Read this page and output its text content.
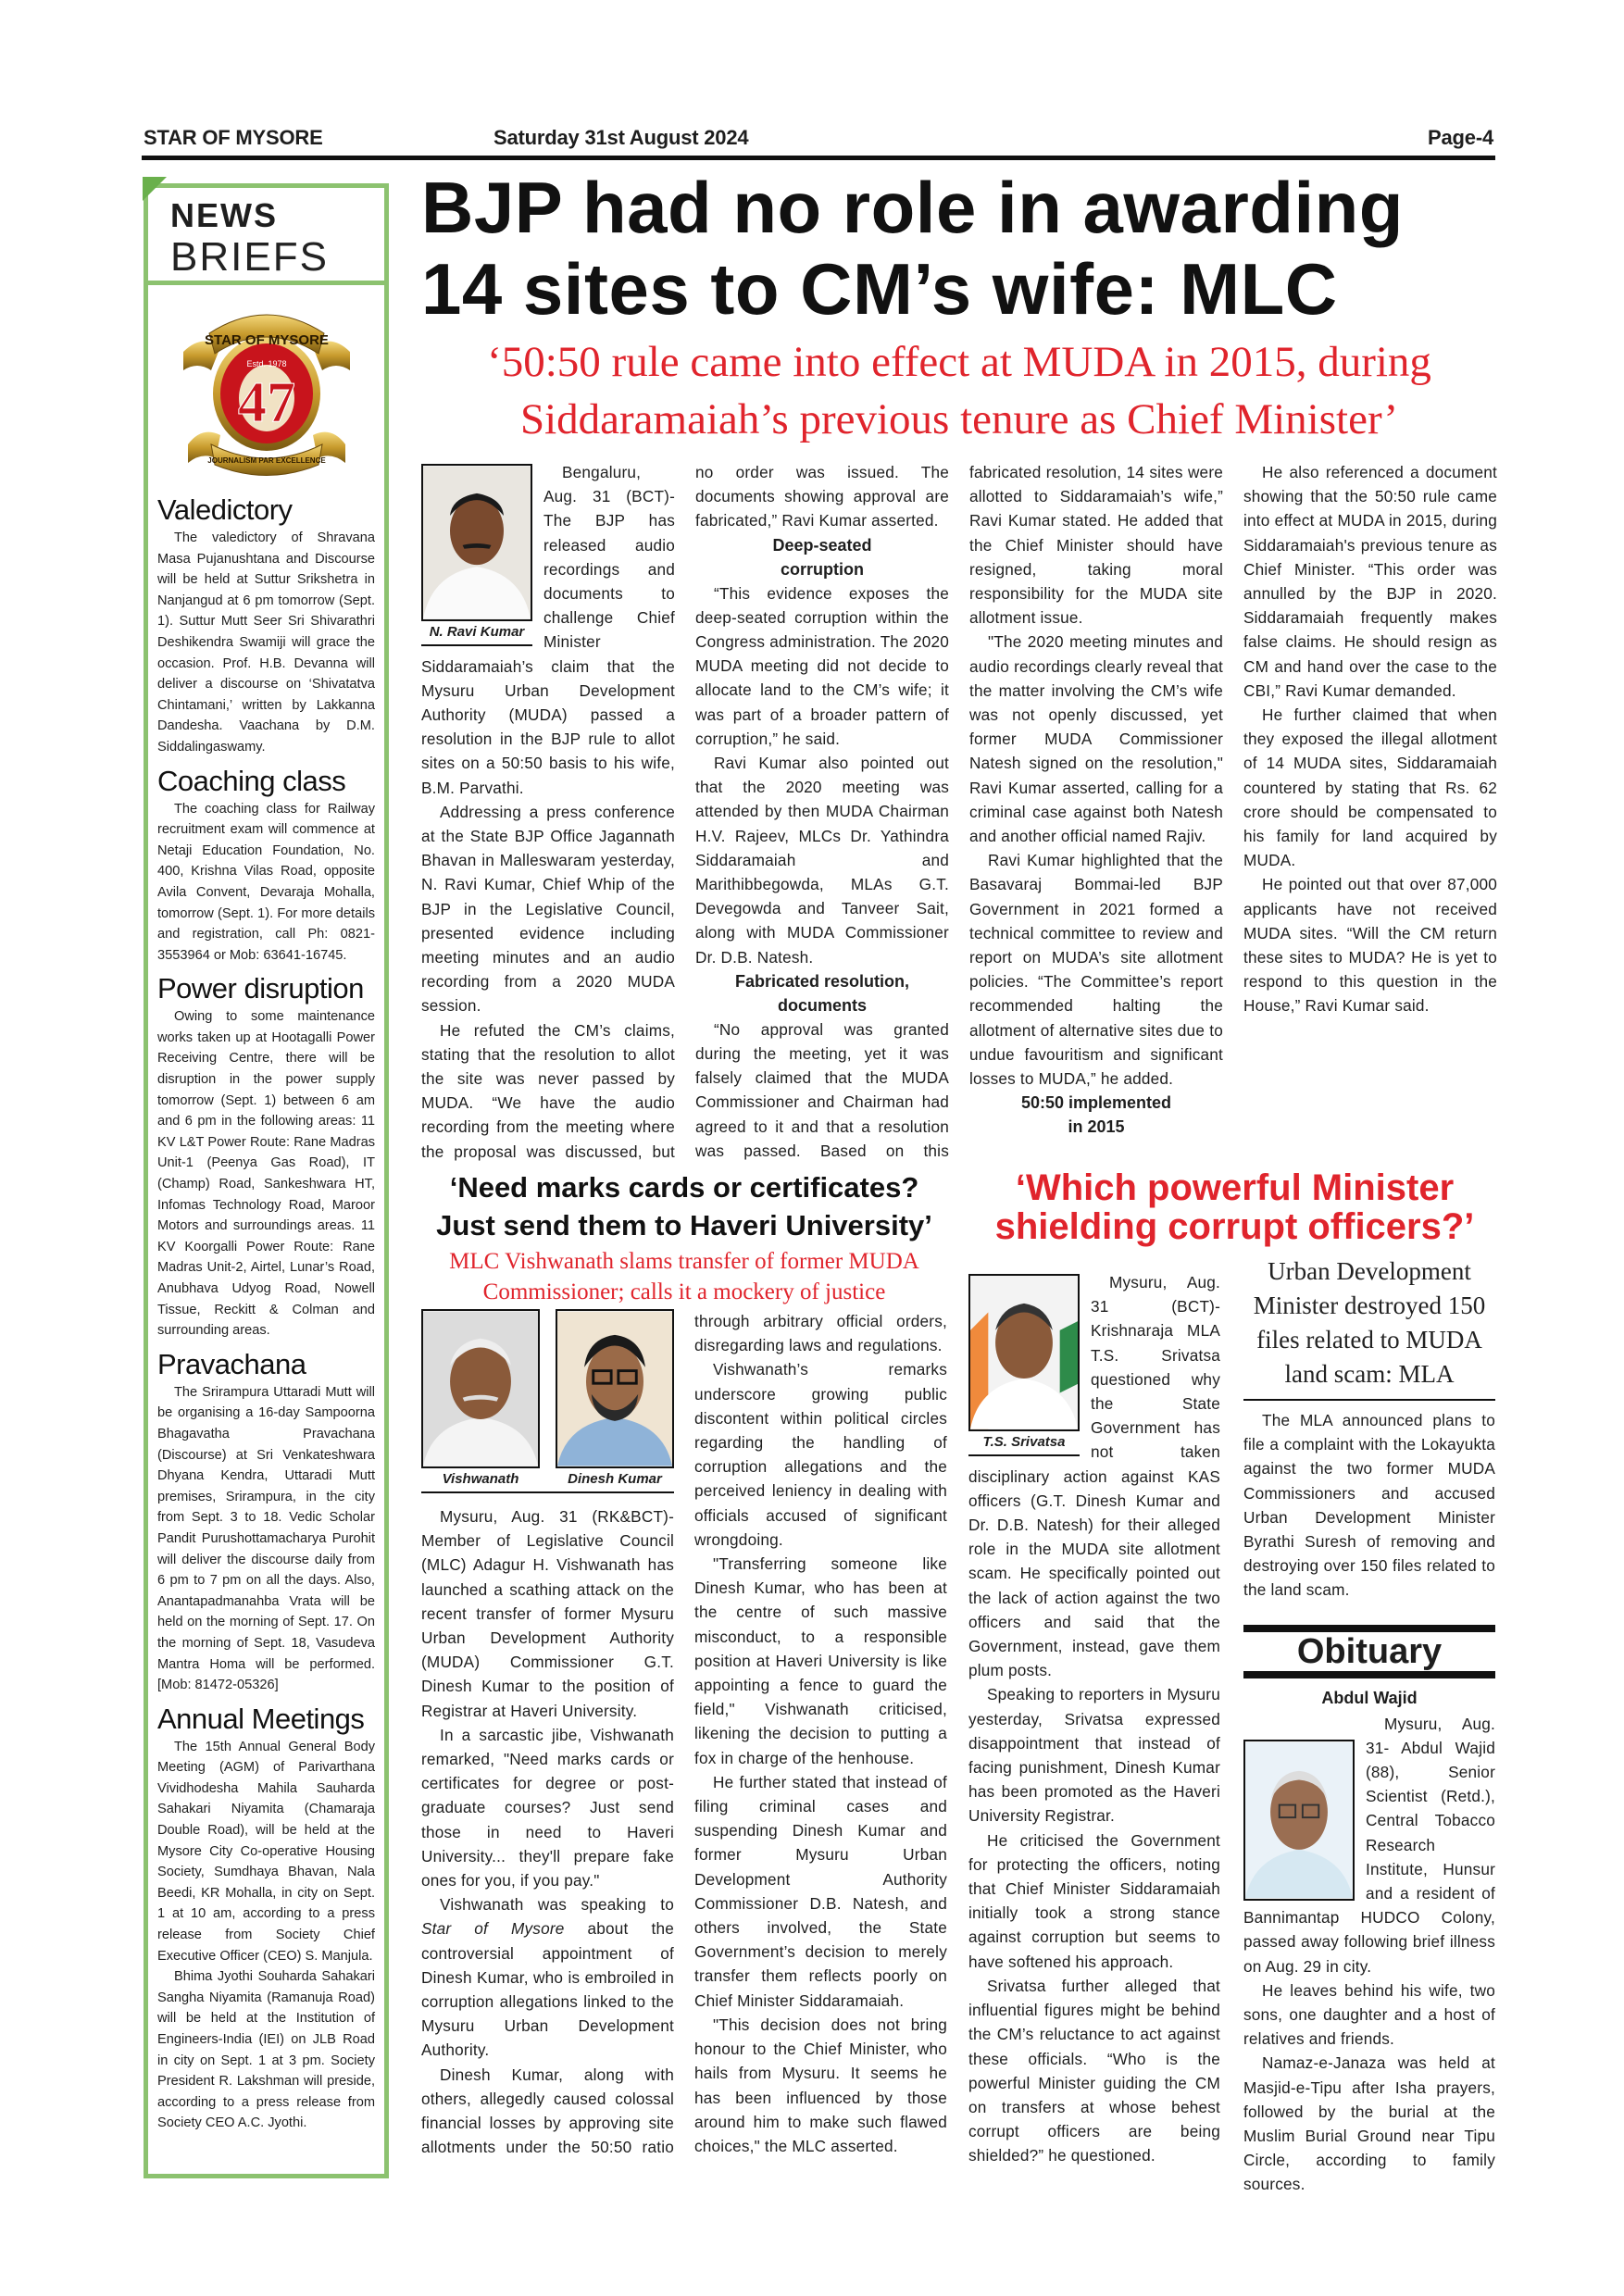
STAR OF MYSORE	Saturday 31st August 2024	Page-4
NEWS
BRIEFS
STAR OF MYSORE
Estd. 1978
47
JOURNALISM PAR EXCELLENCE
Valedictory

The valedictory of Shravana Masa Pujanushtana and Discourse will be held at Suttur Srikshetra in Nanjangud at 6 pm tomorrow (Sept. 1). Suttur Mutt Seer Sri Shivarathri Deshikendra Swamiji will grace the occasion. Prof. H.B. Devanna will deliver a discourse on ‘Shivatatva Chintamani,’ written by Lakkanna Dandesha. Vaachana by D.M. Siddalingaswamy.

Coaching class

The coaching class for Railway recruitment exam will commence at Netaji Education Foundation, No. 400, Krishna Vilas Road, opposite Avila Convent, Devaraja Mohalla, tomorrow (Sept. 1). For more details and registration, call Ph: 0821-3553964 or Mob: 63641-16745.

Power disruption

Owing to some maintenance works taken up at Hootagalli Power Receiving Centre, there will be disruption in the power supply tomorrow (Sept. 1) between 6 am and 6 pm in the following areas: 11 KV L&T Power Route: Rane Madras Unit-1 (Peenya Gas Road), IT (Champ) Road, Sankeshwara HT, Infomas Technology Road, Maroor Motors and surroundings areas. 11 KV Koorgalli Power Route: Rane Madras Unit-2, Airtel, Lunar’s Road, Anubhava Udyog Road, Nowell Tissue, Reckitt & Colman and surrounding areas.

Pravachana

The Srirampura Uttaradi Mutt will be organising a 16-day Sampoorna Bhagavatha Pravachana (Discourse) at Sri Venkateshwara Dhyana Kendra, Uttaradi Mutt premises, Srirampura, in the city from Sept. 3 to 18. Vedic Scholar Pandit Purushottamacharya Purohit will deliver the discourse daily from 6 pm to 7 pm on all the days. Also, Anantapadmanahba Vrata will be held on the morning of Sept. 17. On the morning of Sept. 18, Vasudeva Mantra Homa will be performed. [Mob: 81472-05326]

Annual Meetings

The 15th Annual General Body Meeting (AGM) of Parivarthana Vividhodesha Mahila Sauharda Sahakari Niyamita (Chamaraja Double Road), will be held at the Mysore City Co-operative Housing Society, Sumdhaya Bhavan, Nala Beedi, KR Mohalla, in city on Sept. 1 at 10 am, according to a press release from Society Chief Executive Officer (CEO) S. Manjula.

Bhima Jyothi Souharda Sahakari Sangha Niyamita (Ramanuja Road) will be held at the Institution of Engineers-India (IEI) on JLB Road in city on Sept. 1 at 3 pm. Society President R. Lakshman will preside, according to a press release from Society CEO A.C. Jyothi.

BJP had no role in awarding
14 sites to CM’s wife: MLC
‘50:50 rule came into effect at MUDA in 2015, during
Siddaramaiah’s previous tenure as Chief Minister’
N. Ravi Kumar

Bengaluru, Aug. 31 (BCT)- The BJP has released audio recordings and documents to challenge Chief Minister Siddaramaiah’s claim that the Mysuru Urban Development Authority (MUDA) passed a resolution in the BJP rule to allot sites on a 50:50 basis to his wife, B.M. Parvathi.

Addressing a press conference at the State BJP Office Jagannath Bhavan in Malleswaram yesterday, N. Ravi Kumar, Chief Whip of the BJP in the Legislative Council, presented evidence including meeting minutes and an audio recording from a 2020 MUDA session.

He refuted the CM’s claims, stating that the resolution to allot the site was never passed by MUDA. “We have the audio recording from the meeting where the proposal was discussed, but no order was issued. The documents showing approval are fabricated,” Ravi Kumar asserted.

Deep-seated
corruption

“This evidence exposes the deep-seated corruption within the Congress administration. The 2020 MUDA meeting did not decide to allocate land to the CM’s wife; it was part of a broader pattern of corruption,” he said.

Ravi Kumar also pointed out that the 2020 meeting was attended by then MUDA Chairman H.V. Rajeev, MLCs Dr. Yathindra Siddaramaiah and Marithibbegowda, MLAs G.T. Devegowda and Tanveer Sait, along with MUDA Commissioner Dr. D.B. Natesh.

Fabricated resolution,
documents

“No approval was granted during the meeting, yet it was falsely claimed that the MUDA Commissioner and Chairman had agreed to it and that a resolution was passed. Based on this fabricated resolution, 14 sites were allotted to Siddaramaiah’s wife,” Ravi Kumar stated. He added that the Chief Minister should have resigned, taking moral responsibility for the MUDA site allotment issue.

"The 2020 meeting minutes and audio recordings clearly reveal that the matter involving the CM’s wife was not openly discussed, yet former MUDA Commissioner Natesh signed on the resolution," Ravi Kumar asserted, calling for a criminal case against both Natesh and another official named Rajiv.

Ravi Kumar highlighted that the Basavaraj Bommai-led BJP Government in 2021 formed a technical committee to review and report on MUDA’s site allotment policies. “The Committee’s report recommended halting the allotment of alternative sites due to undue favouritism and significant losses to MUDA,” he added.

50:50 implemented
in 2015

He also referenced a document showing that the 50:50 rule came into effect at MUDA in 2015, during Siddaramaiah's previous tenure as Chief Minister. “This order was annulled by the BJP in 2020. Siddaramaiah frequently makes false claims. He should resign as CM and hand over the case to the CBI,” Ravi Kumar demanded.

He further claimed that when they exposed the illegal allotment of 14 MUDA sites, Siddaramaiah countered by stating that Rs. 62 crore should be compensated to his family for land acquired by MUDA.

He pointed out that over 87,000 applicants have not received MUDA sites. “Will the CM return these sites to MUDA? He is yet to respond to this question in the House,” Ravi Kumar said.

‘Need marks cards or certificates?
Just send them to Haveri University’
MLC Vishwanath slams transfer of former MUDA
Commissioner; calls it a mockery of justice
Vishwanath	Dinesh Kumar

Mysuru, Aug. 31 (RK&BCT)- Member of Legislative Council (MLC) Adagur H. Vishwanath has launched a scathing attack on the recent transfer of former Mysuru Urban Development Authority (MUDA) Commissioner G.T. Dinesh Kumar to the position of Registrar at Haveri University.

In a sarcastic jibe, Vishwanath remarked, "Need marks cards or certificates for degree or post-graduate courses? Just send those in need to Haveri University... they'll prepare fake ones for you, if you pay."

Vishwanath was speaking to Star of Mysore about the controversial appointment of Dinesh Kumar, who is embroiled in corruption allegations linked to the Mysuru Urban Development Authority.

Dinesh Kumar, along with others, allegedly caused colossal financial losses by approving site allotments under the 50:50 ratio through arbitrary official orders, disregarding laws and regulations.

Vishwanath’s remarks underscore growing public discontent within political circles regarding the handling of corruption allegations and the perceived leniency in dealing with officials accused of significant wrongdoing.

"Transferring someone like Dinesh Kumar, who has been at the centre of such massive misconduct, to a responsible position at Haveri University is like appointing a fence to guard the field," Vishwanath criticised, likening the decision to putting a fox in charge of the henhouse.

He further stated that instead of filing criminal cases and suspending Dinesh Kumar and former Mysuru Urban Development Authority Commissioner D.B. Natesh, and others involved, the State Government’s decision to merely transfer them reflects poorly on Chief Minister Siddaramaiah.

"This decision does not bring honour to the Chief Minister, who hails from Mysuru. It seems he has been influenced by those around him to make such flawed choices," the MLC asserted.

‘Which powerful Minister
shielding corrupt officers?’
T.S. Srivatsa

Mysuru, Aug. 31 (BCT)- Krishnaraja MLA T.S. Srivatsa questioned why the State Government has not taken disciplinary action against KAS officers (G.T. Dinesh Kumar and Dr. D.B. Natesh) for their alleged role in the MUDA site allotment scam. He specifically pointed out the lack of action against the two officers and said that the Government, instead, gave them plum posts.

Speaking to reporters in Mysuru yesterday, Srivatsa expressed disappointment that instead of facing punishment, Dinesh Kumar has been promoted as the Haveri University Registrar.

He criticised the Government for protecting the officers, noting that Chief Minister Siddaramaiah initially took a strong stance against corruption but seems to have softened his approach.

Srivatsa further alleged that influential figures might be behind the CM’s reluctance to act against these officials. “Who is the powerful Minister guiding the CM on transfers at whose behest corrupt officers are being shielded?” he questioned.

Urban Development Minister destroyed 150 files related to MUDA land scam: MLA

The MLA announced plans to file a complaint with the Lokayukta against the two former MUDA Commissioners and accused Urban Development Minister Byrathi Suresh of removing and destroying over 150 files related to the land scam.

Obituary
Abdul Wajid

Mysuru, Aug. 31- Abdul Wajid (88), Senior Scientist (Retd.), Central Tobacco Research Institute, Hunsur and a resident of Bannimantap HUDCO Colony, passed away following brief illness on Aug. 29 in city.

He leaves behind his wife, two sons, one daughter and a host of relatives and friends.

Namaz-e-Janaza was held at Masjid-e-Tipu after Isha prayers, followed by the burial at the Muslim Burial Ground near Tipu Circle, according to family sources.
